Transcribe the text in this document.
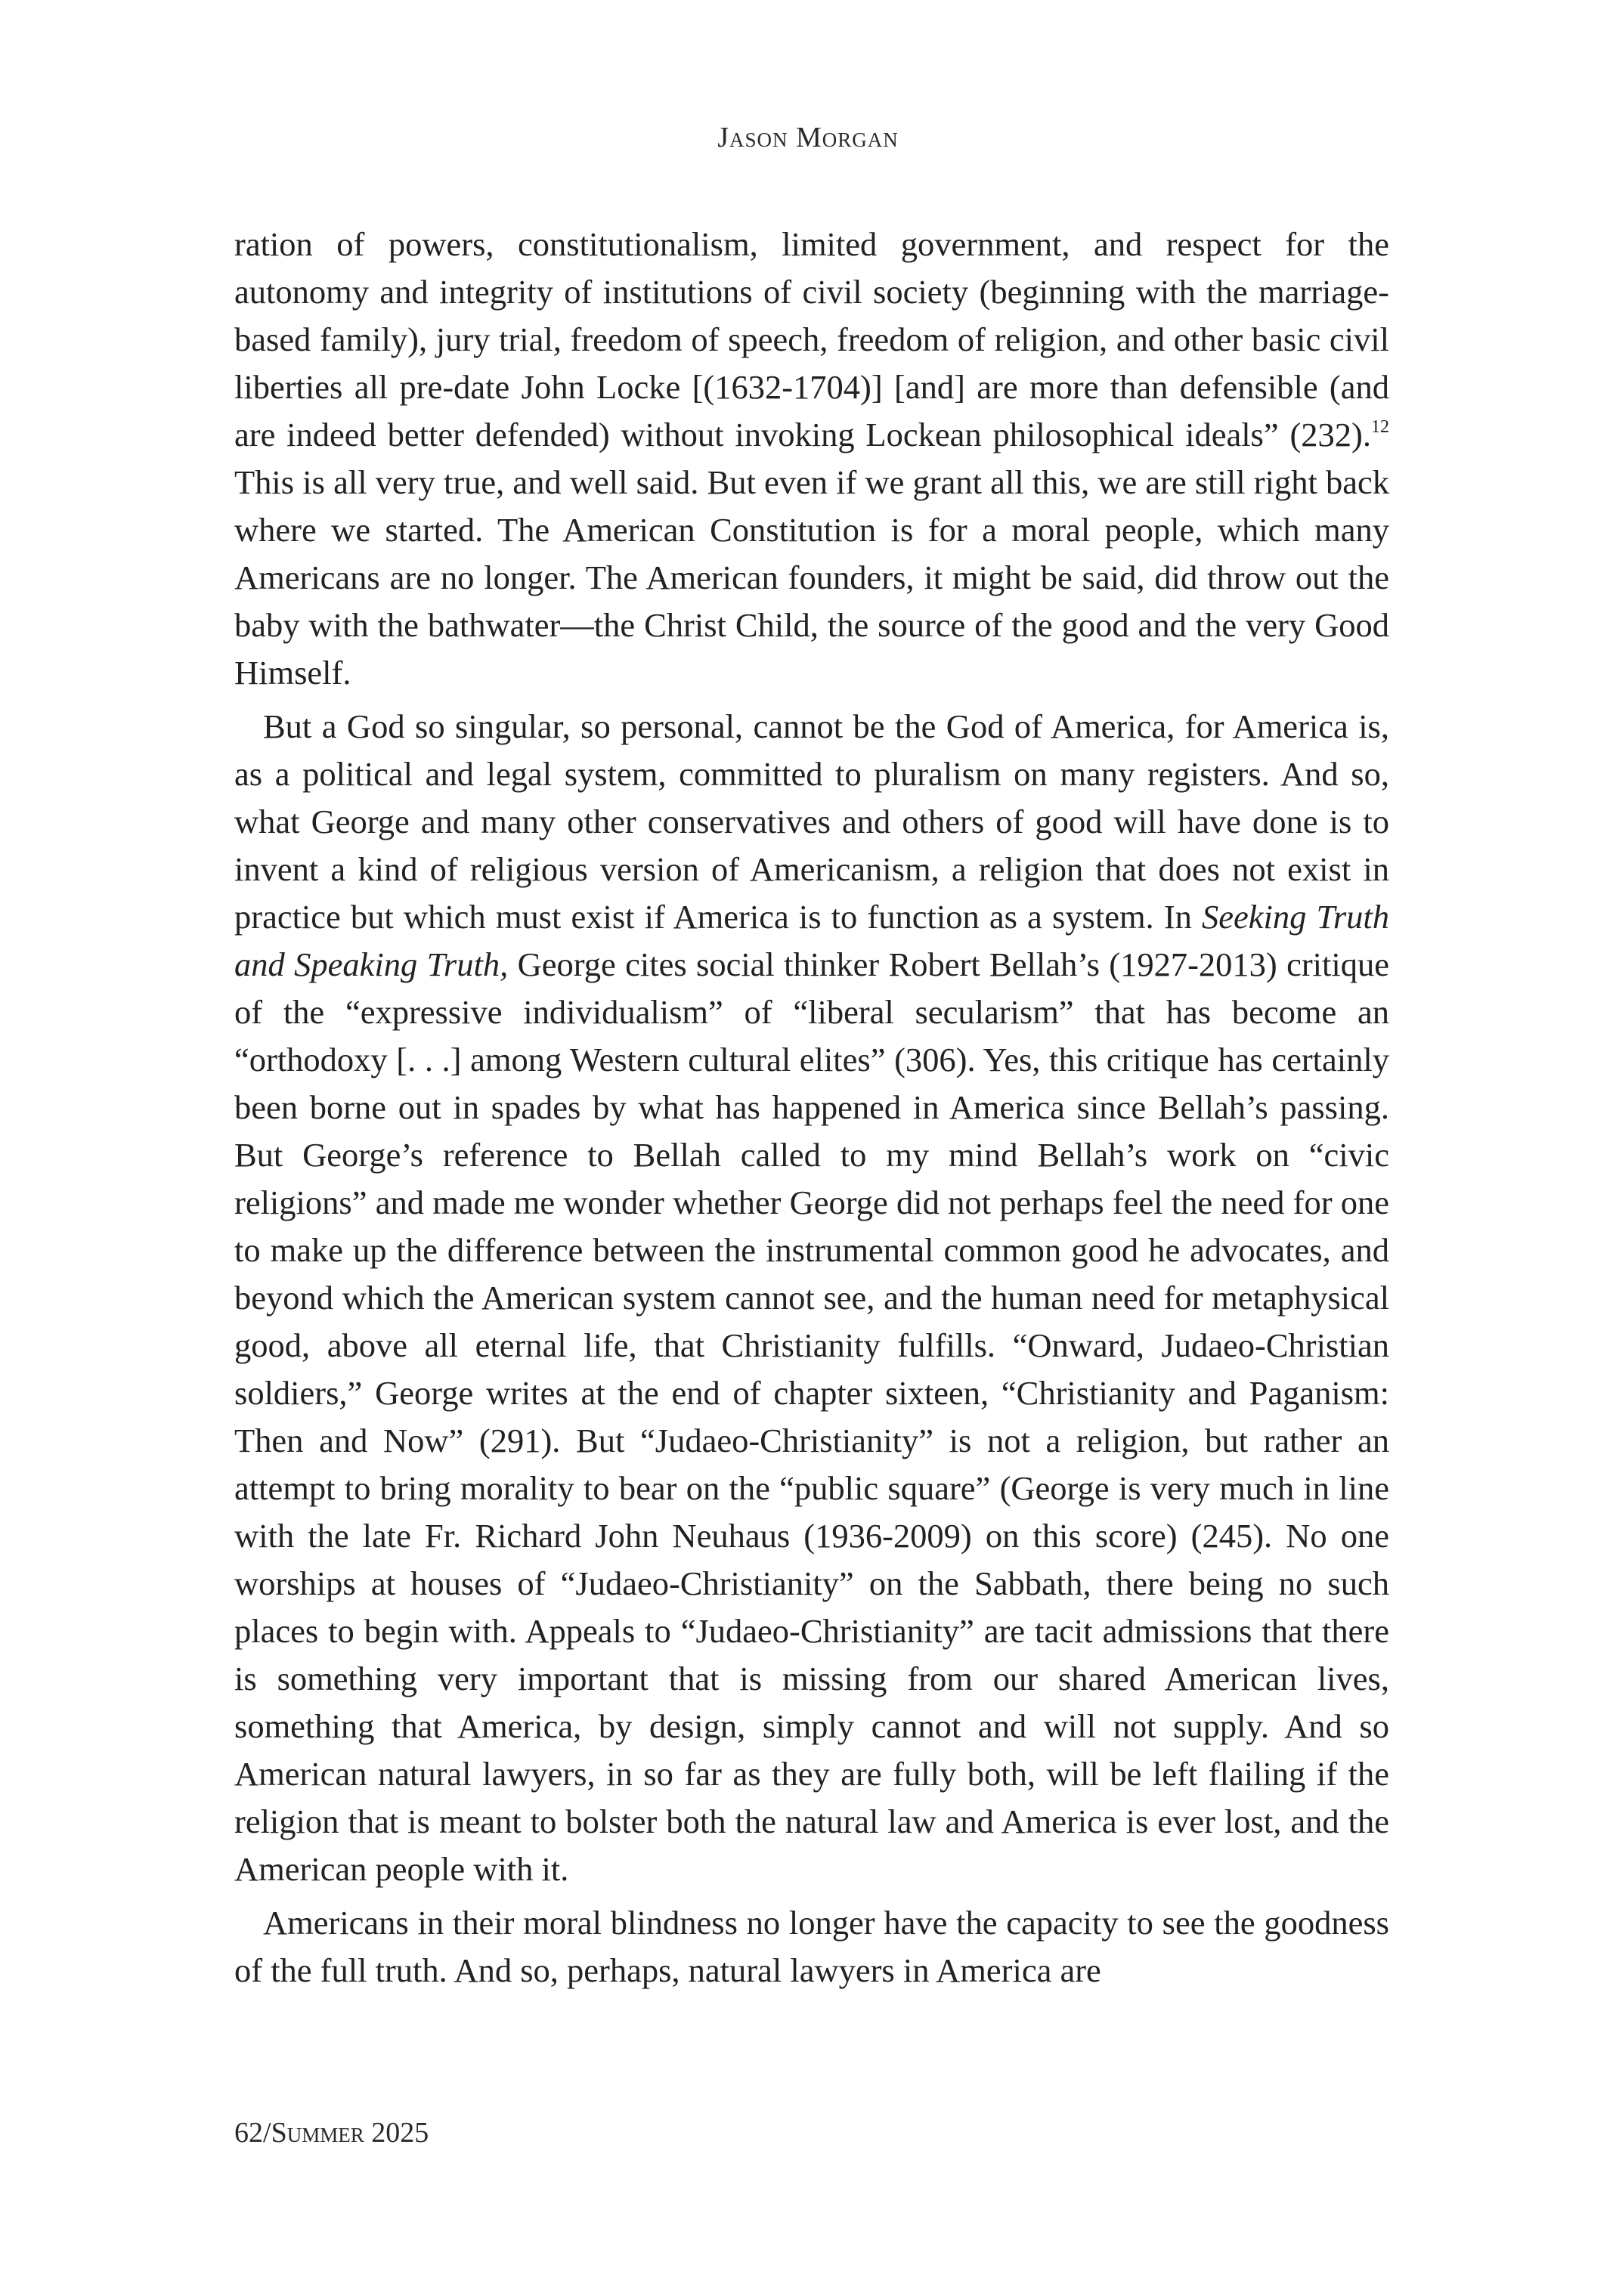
Jason Morgan

ration of powers, constitutionalism, limited government, and respect for the autonomy and integrity of institutions of civil society (beginning with the marriage-based family), jury trial, freedom of speech, freedom of religion, and other basic civil liberties all pre-date John Locke [(1632-1704)] [and] are more than defensible (and are indeed better defended) without invoking Lockean philosophical ideals” (232).$^{12}$ This is all very true, and well said. But even if we grant all this, we are still right back where we started. The American Constitution is for a moral people, which many Americans are no longer. The American founders, it might be said, did throw out the baby with the bathwater—the Christ Child, the source of the good and the very Good Himself.

But a God so singular, so personal, cannot be the God of America, for America is, as a political and legal system, committed to pluralism on many registers. And so, what George and many other conservatives and others of good will have done is to invent a kind of religious version of Americanism, a religion that does not exist in practice but which must exist if America is to function as a system. In Seeking Truth and Speaking Truth, George cites social thinker Robert Bellah’s (1927-2013) critique of the “expressive individualism” of “liberal secularism” that has become an “orthodoxy [. . .] among Western cultural elites” (306). Yes, this critique has certainly been borne out in spades by what has happened in America since Bellah’s passing. But George’s reference to Bellah called to my mind Bellah’s work on “civic religions” and made me wonder whether George did not perhaps feel the need for one to make up the difference between the instrumental common good he advocates, and beyond which the American system cannot see, and the human need for metaphysical good, above all eternal life, that Christianity fulfills. “Onward, Judaeo-Christian soldiers,” George writes at the end of chapter sixteen, “Christianity and Paganism: Then and Now” (291). But “Judaeo-Christianity” is not a religion, but rather an attempt to bring morality to bear on the “public square” (George is very much in line with the late Fr. Richard John Neuhaus (1936-2009) on this score) (245). No one worships at houses of “Judaeo-Christianity” on the Sabbath, there being no such places to begin with. Appeals to “Judaeo-Christianity” are tacit admissions that there is something very important that is missing from our shared American lives, something that America, by design, simply cannot and will not supply. And so American natural lawyers, in so far as they are fully both, will be left flailing if the religion that is meant to bolster both the natural law and America is ever lost, and the American people with it.

Americans in their moral blindness no longer have the capacity to see the goodness of the full truth. And so, perhaps, natural lawyers in America are

62/Summer 2025
